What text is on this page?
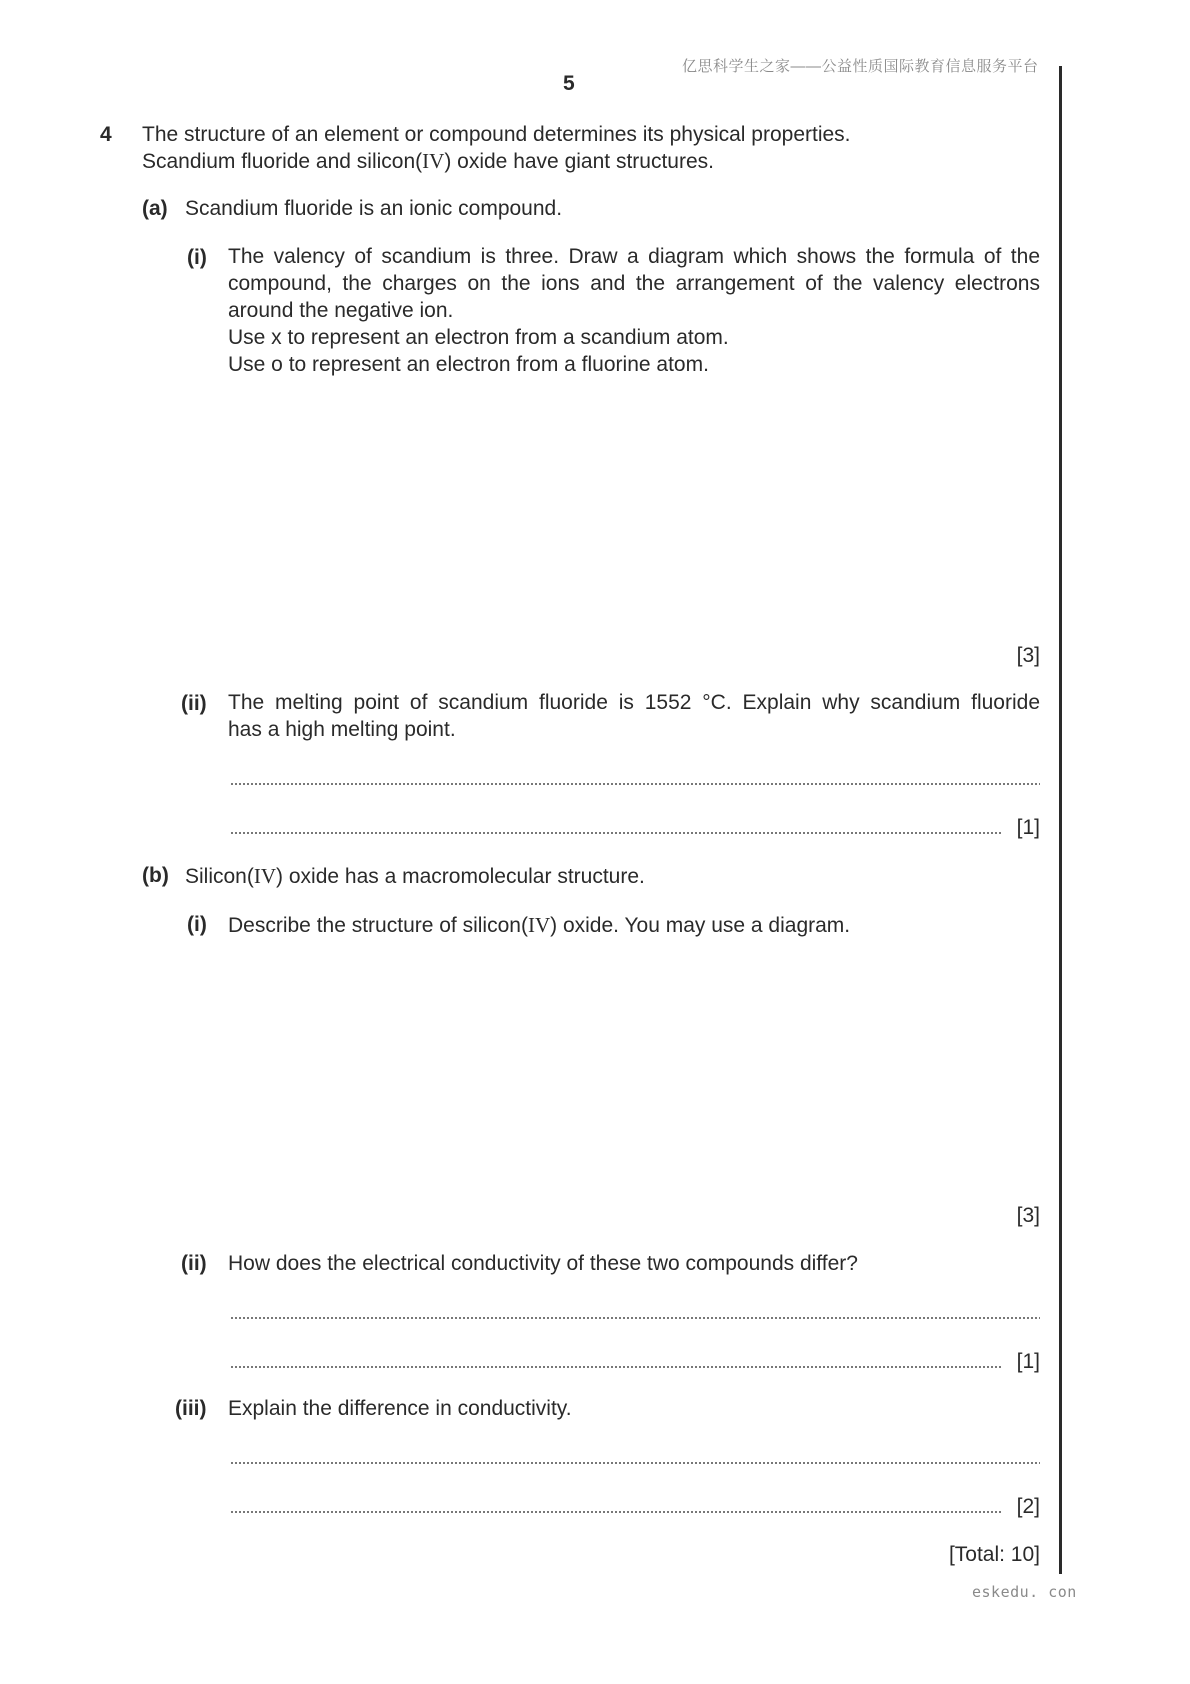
亿思科学生之家——公益性质国际教育信息服务平台
5
4 The structure of an element or compound determines its physical properties.
Scandium fluoride and silicon(IV) oxide have giant structures.
(a) Scandium fluoride is an ionic compound.
(i) The valency of scandium is three. Draw a diagram which shows the formula of the
compound, the charges on the ions and the arrangement of the valency electrons
around the negative ion.
Use x to represent an electron from a scandium atom.
Use o to represent an electron from a fluorine atom.
[3]
(ii) The melting point of scandium fluoride is 1552 °C. Explain why scandium fluoride
has a high melting point.
[1]
(b) Silicon(IV) oxide has a macromolecular structure.
(i) Describe the structure of silicon(IV) oxide. You may use a diagram.
[3]
(ii) How does the electrical conductivity of these two compounds differ?
[1]
(iii) Explain the difference in conductivity.
[2]
[Total: 10]
eskedu. con
